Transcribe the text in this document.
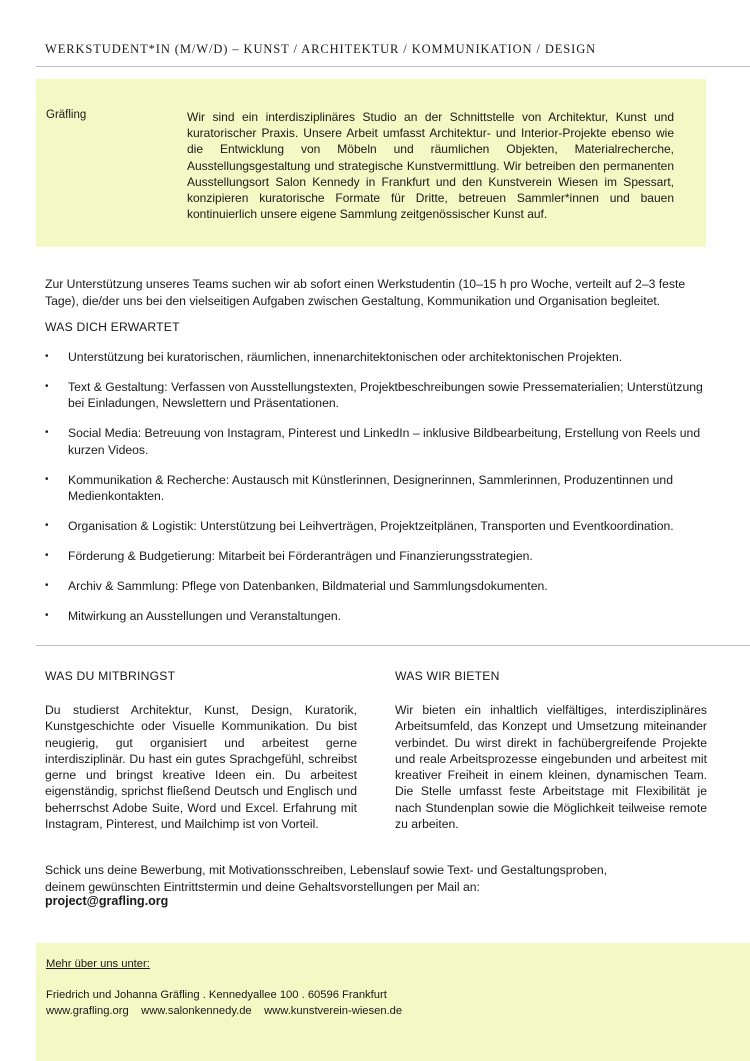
WERKSTUDENT*IN (M/W/D) – KUNST / ARCHITEKTUR / KOMMUNIKATION / DESIGN
Gräfling	Wir sind ein interdisziplinäres Studio an der Schnittstelle von Architektur, Kunst und kuratorischer Praxis. Unsere Arbeit umfasst Architektur- und Interior-Projekte ebenso wie die Entwicklung von Möbeln und räumlichen Objekten, Materialrecherche, Ausstellungsgestaltung und strategische Kunstvermittlung. Wir betreiben den permanenten Ausstellungsort Salon Kennedy in Frankfurt und den Kunstverein Wiesen im Spessart, konzipieren kuratorische Formate für Dritte, betreuen Sammler*innen und bauen kontinuierlich unsere eigene Sammlung zeitgenössischer Kunst auf.
Zur Unterstützung unseres Teams suchen wir ab sofort einen Werkstudentin (10–15 h pro Woche, verteilt auf 2–3 feste
Tage), die/der uns bei den vielseitigen Aufgaben zwischen Gestaltung, Kommunikation und Organisation begleitet.
WAS DICH ERWARTET
• Unterstützung bei kuratorischen, räumlichen, innenarchitektonischen oder architektonischen Projekten.
• Text & Gestaltung: Verfassen von Ausstellungstexten, Projektbeschreibungen sowie Pressematerialien; Unterstützung bei Einladungen, Newslettern und Präsentationen.
• Social Media: Betreuung von Instagram, Pinterest und LinkedIn – inklusive Bildbearbeitung, Erstellung von Reels und kurzen Videos.
• Kommunikation & Recherche: Austausch mit Künstlerinnen, Designerinnen, Sammlerinnen, Produzentinnen und Medienkontakten.
• Organisation & Logistik: Unterstützung bei Leihverträgen, Projektzeitplänen, Transporten und Eventkoordination.
• Förderung & Budgetierung: Mitarbeit bei Förderanträgen und Finanzierungsstrategien.
• Archiv & Sammlung: Pflege von Datenbanken, Bildmaterial und Sammlungsdokumenten.
• Mitwirkung an Ausstellungen und Veranstaltungen.
WAS DU MITBRINGST
Du studierst Architektur, Kunst, Design, Kuratorik, Kunstgeschichte oder Visuelle Kommunikation. Du bist neugierig, gut organisiert und arbeitest gerne interdisziplinär. Du hast ein gutes Sprachgefühl, schreibst gerne und bringst kreative Ideen ein. Du arbeitest eigenständig, sprichst fließend Deutsch und Englisch und beherrschst Adobe Suite, Word und Excel. Erfahrung mit Instagram, Pinterest, und Mailchimp ist von Vorteil.
WAS WIR BIETEN
Wir bieten ein inhaltlich vielfältiges, interdisziplinäres Arbeitsumfeld, das Konzept und Umsetzung miteinander verbindet. Du wirst direkt in fachübergreifende Projekte und reale Arbeitsprozesse eingebunden und arbeitest mit kreativer Freiheit in einem kleinen, dynamischen Team. Die Stelle umfasst feste Arbeitstage mit Flexibilität je nach Stundenplan sowie die Möglichkeit teilweise remote zu arbeiten.
Schick uns deine Bewerbung, mit Motivationsschreiben, Lebenslauf sowie Text- und Gestaltungsproben,
deinem gewünschten Eintrittstermin und deine Gehaltsvorstellungen per Mail an:
project@grafling.org
Mehr über uns unter:
Friedrich und Johanna Gräfling . Kennedyallee 100 . 60596 Frankfurt
www.grafling.org www.salonkennedy.de www.kunstverein-wiesen.de
